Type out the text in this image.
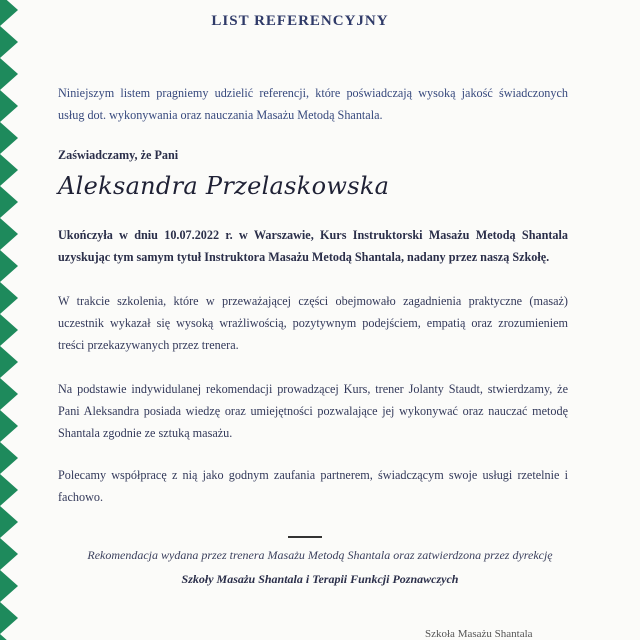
LIST REFERENCYJNY

Niniejszym listem pragniemy udzielić referencji, które poświadczają wysoką jakość świadczonych usług dot. wykonywania oraz nauczania Masażu Metodą Shantala.

Zaświadczamy, że Pani

Aleksandra Przelaskowska

Ukończyła w dniu 10.07.2022 r. w Warszawie, Kurs Instruktorski Masażu Metodą Shantala uzyskując tym samym tytuł Instruktora Masażu Metodą Shantala, nadany przez naszą Szkołę.

W trakcie szkolenia, które w przeważającej części obejmowało zagadnienia praktyczne (masaż) uczestnik wykazał się wysoką wrażliwością, pozytywnym podejściem, empatią oraz zrozumieniem treści przekazywanych przez trenera.

Na podstawie indywidulanej rekomendacji prowadzącej Kurs, trener Jolanty Staudt, stwierdzamy, że Pani Aleksandra posiada wiedzę oraz umiejętności pozwalające jej wykonywać oraz nauczać metodę Shantala zgodnie ze sztuką masażu.

Polecamy współpracę z nią jako godnym zaufania partnerem, świadczącym swoje usługi rzetelnie i fachowo.

Rekomendacja wydana przez trenera Masażu Metodą Shantala oraz zatwierdzona przez dyrekcję

Szkoły Masażu Shantala i Terapii Funkcji Poznawczych

Szkoła Masażu Shantala
